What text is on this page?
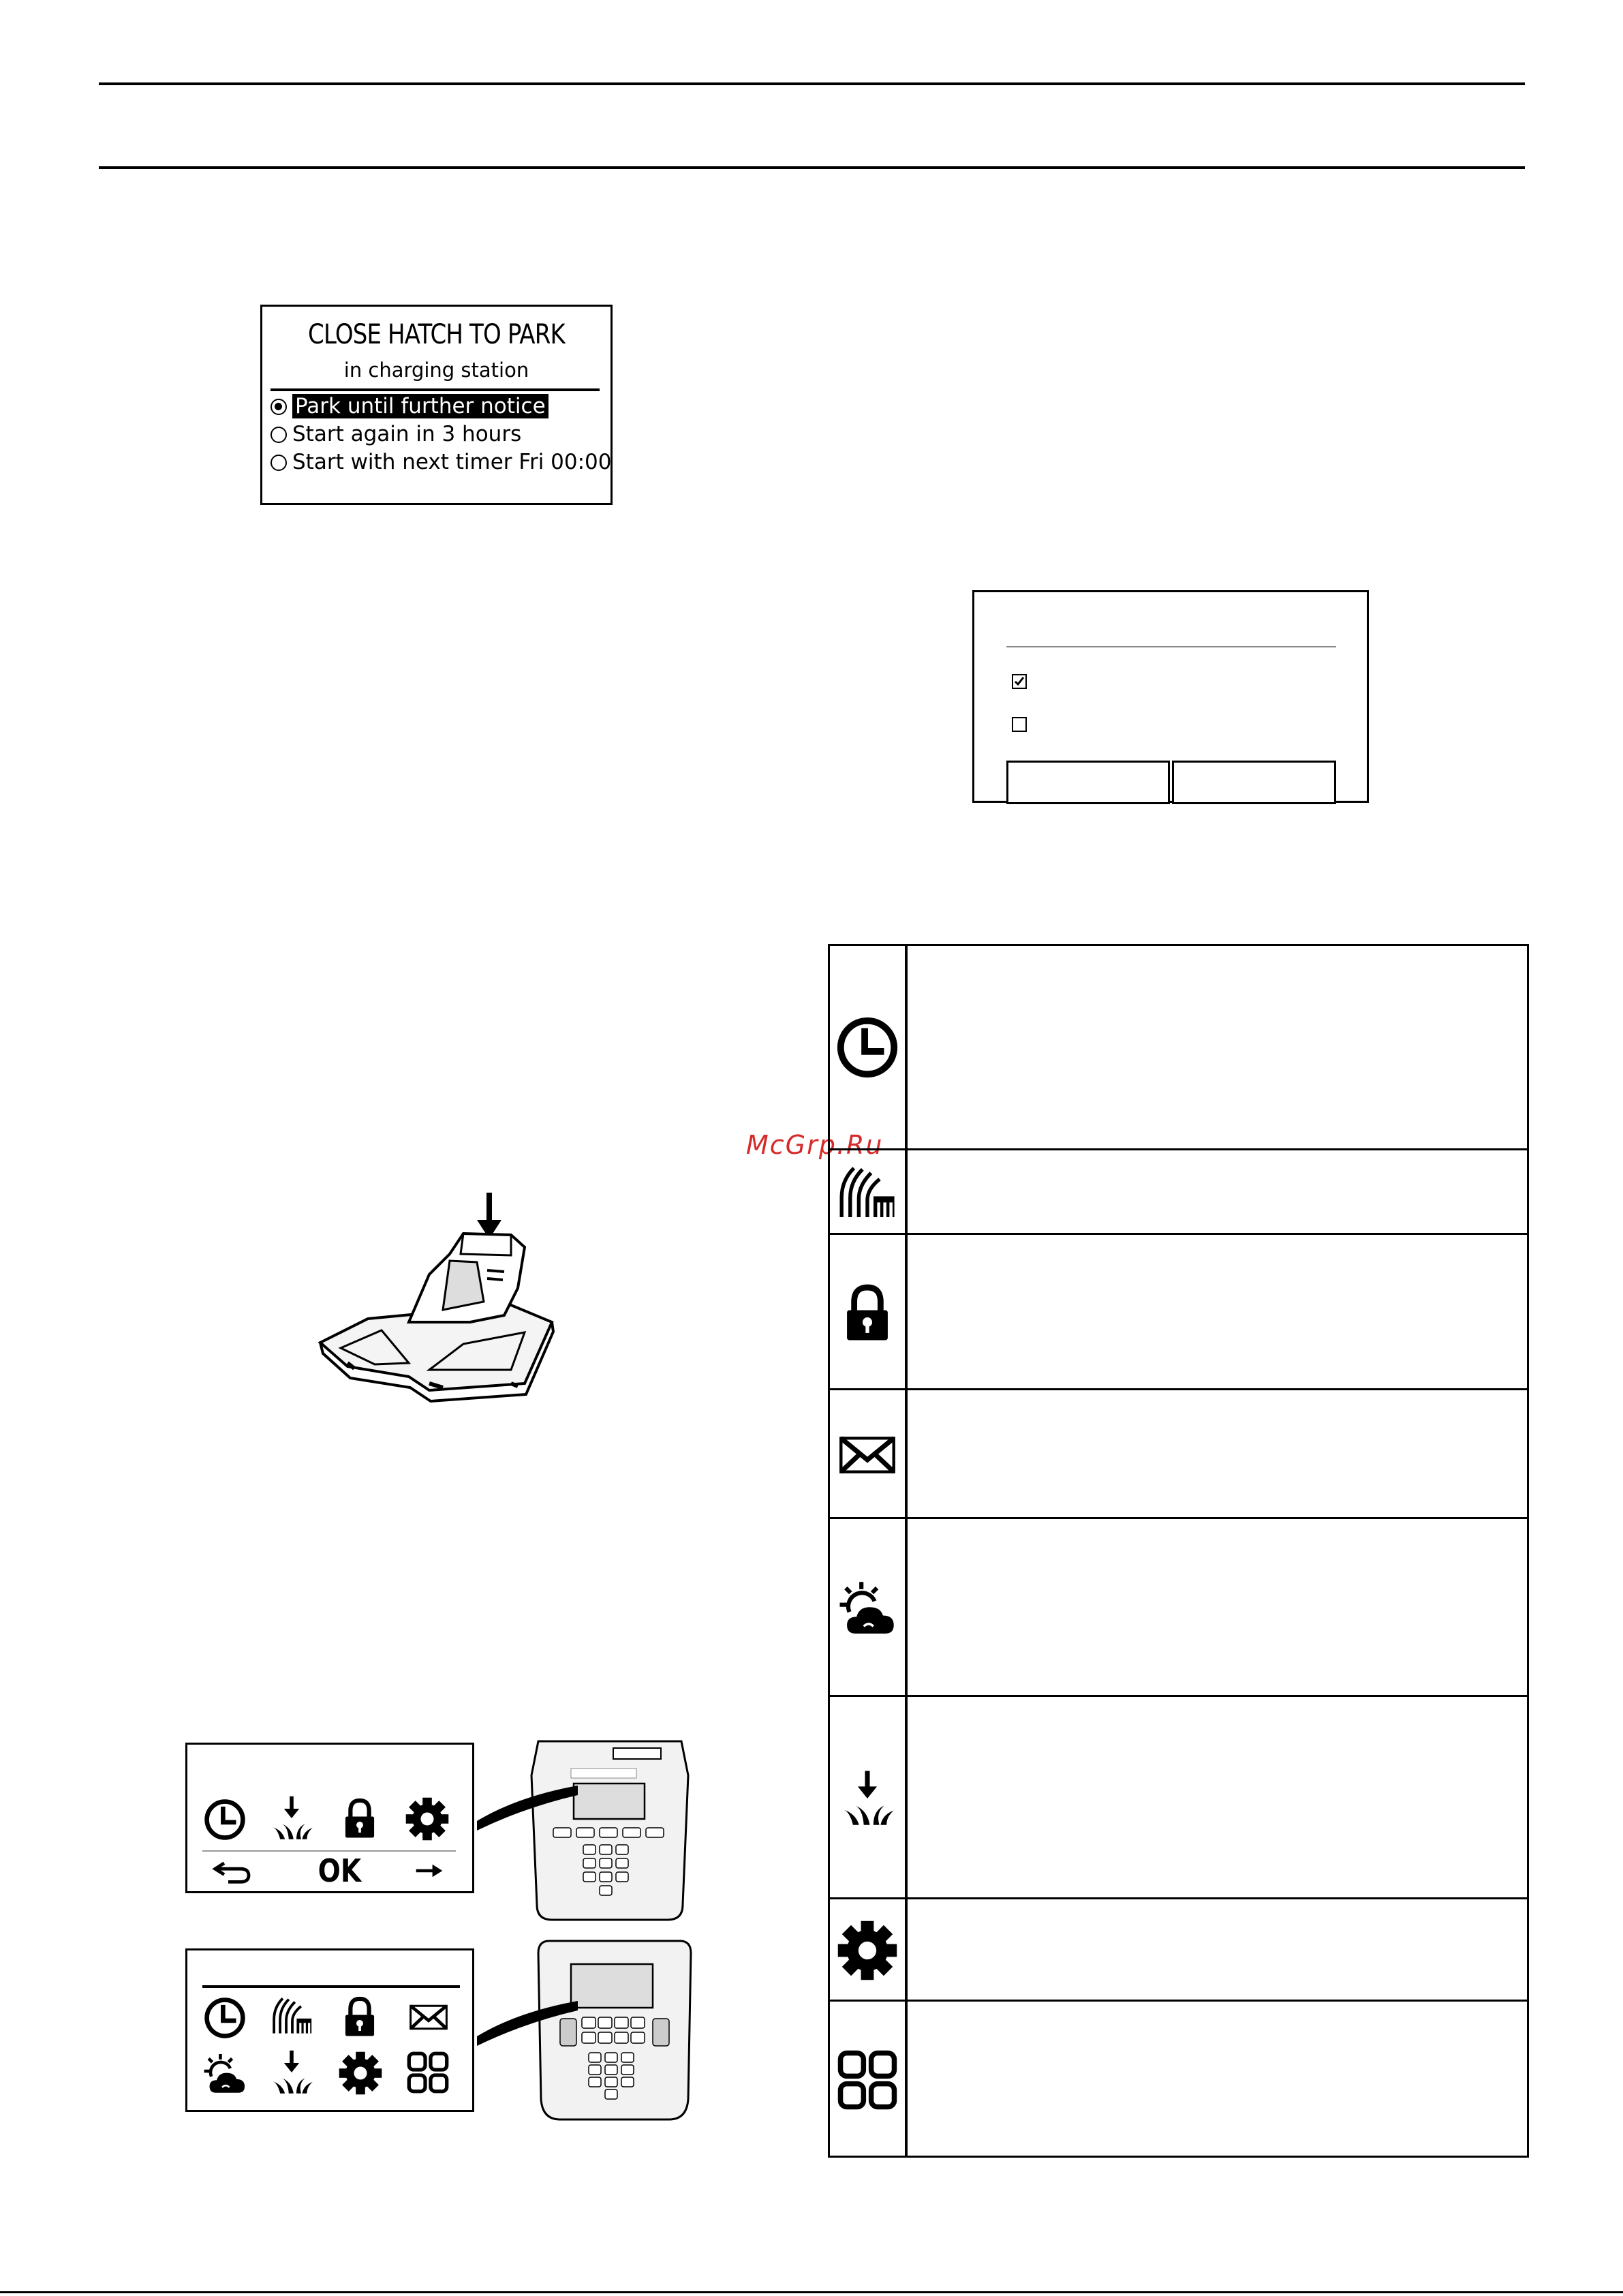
CLOSE HATCH TO PARK
in charging station
Park until further notice
Start again in 3 hours
Start with next timer Fri 00:00
McGrp.Ru
OK
